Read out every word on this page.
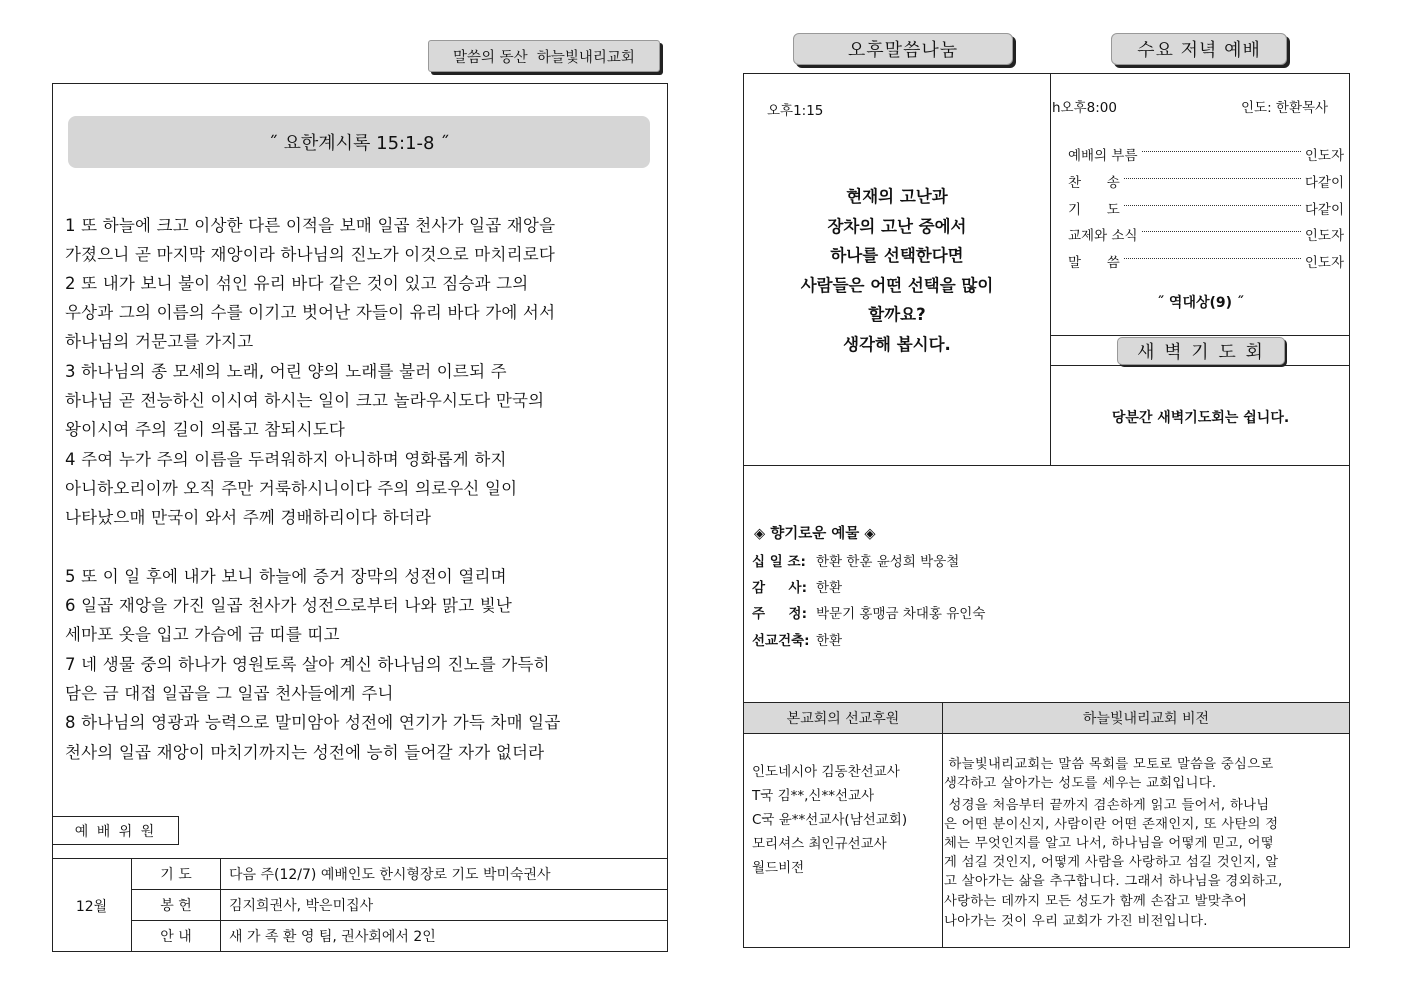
말씀의 동산  하늘빛내리교회
˝ 요한계시록 15:1-8 ˝
1 또 하늘에 크고 이상한 다른 이적을 보매 일곱 천사가 일곱 재앙을
가졌으니 곧 마지막 재앙이라 하나님의 진노가 이것으로 마치리로다
2 또 내가 보니 불이 섞인 유리 바다 같은 것이 있고 짐승과 그의
우상과 그의 이름의 수를 이기고 벗어난 자들이 유리 바다 가에 서서
하나님의 거문고를 가지고
3 하나님의 종 모세의 노래, 어린 양의 노래를 불러 이르되 주
하나님 곧 전능하신 이시여 하시는 일이 크고 놀라우시도다 만국의
왕이시여 주의 길이 의롭고 참되시도다
4 주여 누가 주의 이름을 두려워하지 아니하며 영화롭게 하지
아니하오리이까 오직 주만 거룩하시니이다 주의 의로우신 일이
나타났으매 만국이 와서 주께 경배하리이다 하더라
5 또 이 일 후에 내가 보니 하늘에 증거 장막의 성전이 열리며
6 일곱 재앙을 가진 일곱 천사가 성전으로부터 나와 맑고 빛난
세마포 옷을 입고 가슴에 금 띠를 띠고
7 네 생물 중의 하나가 영원토록 살아 계신 하나님의 진노를 가득히
담은 금 대접 일곱을 그 일곱 천사들에게 주니
8 하나님의 영광과 능력으로 말미암아 성전에 연기가 가득 차매 일곱
천사의 일곱 재앙이 마치기까지는 성전에 능히 들어갈 자가 없더라
예 배 위 원
12월
기 도	다음 주(12/7) 예배인도 한시형장로 기도 박미숙권사
봉 헌	김지희권사, 박은미집사
안 내	새 가 족 환 영 팀, 권사회에서 2인
오후말씀나눔	수요 저녁 예배
오후1:15
현재의 고난과
장차의 고난 중에서
하나를 선택한다면
사람들은 어떤 선택을 많이
할까요?
생각해 봅시다.
h오후8:00	인도: 한환목사
예배의 부름	인도자
찬      송	다같이
기      도	다같이
교제와 소식	인도자
말      씀	인도자
˝ 역대상(9) ˝
새 벽 기 도 회
당분간 새벽기도회는 쉽니다.
◈ 향기로운 예물 ◈
십 일 조: 한환 한훈 윤성희 박웅철
감     사: 한환
주     정: 박문기 홍맹금 차대홍 유인숙
선교건축: 한환
본교회의 선교후원	하늘빛내리교회 비전
인도네시아 김동찬선교사
T국 김**,신**선교사
C국 윤**선교사(남선교회)
모리셔스 최인규선교사
월드비전
하늘빛내리교회는 말씀 목회를 모토로 말씀을 중심으로
생각하고 살아가는 성도를 세우는 교회입니다.
성경을 처음부터 끝까지 겸손하게 읽고 들어서, 하나님
은 어떤 분이신지, 사람이란 어떤 존재인지, 또 사탄의 정
체는 무엇인지를 알고 나서, 하나님을 어떻게 믿고, 어떻
게 섬길 것인지, 어떻게 사람을 사랑하고 섬길 것인지, 알
고 살아가는 삶을 추구합니다. 그래서 하나님을 경외하고,
사랑하는 데까지 모든 성도가 함께 손잡고 발맞추어
나아가는 것이 우리 교회가 가진 비전입니다.
